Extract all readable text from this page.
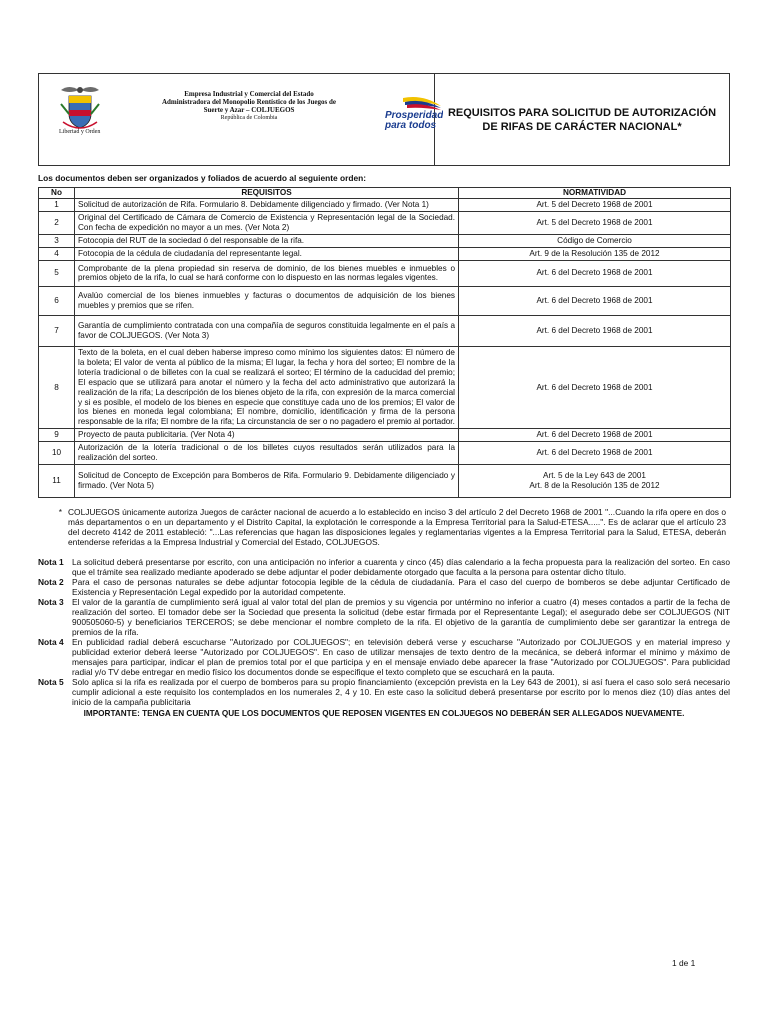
Libertad y Orden
Empresa Industrial y Comercial del Estado
Administradora del Monopolio Rentístico de los Juegos de
Suerte y Azar – COLJUEGOS
República de Colombia	Prosperidad
para todos
REQUISITOS PARA SOLICITUD DE AUTORIZACIÓN DE RIFAS DE CARÁCTER NACIONAL*
Los documentos deben ser organizados y foliados de acuerdo al seguiente orden:
No	REQUISITOS	NORMATIVIDAD
1	Solicitud de autorización de Rifa. Formulario 8. Debidamente diligenciado y firmado. (Ver Nota 1)	Art. 5 del Decreto 1968 de 2001
2	Original del Certificado de Cámara de Comercio de Existencia y Representación legal de la Sociedad. Con fecha de expedición no mayor a un mes. (Ver Nota 2)	Art. 5 del Decreto 1968 de 2001
3	Fotocopia del RUT de la sociedad ó del responsable de la rifa.	Código de Comercio
4	Fotocopia de la cédula de ciudadanía del representante legal.	Art. 9 de la Resolución 135 de 2012
5	Comprobante de la plena propiedad sin reserva de dominio, de los bienes muebles e inmuebles o premios objeto de la rifa, lo cual se hará conforme con lo dispuesto en las normas legales vigentes.	Art. 6 del Decreto 1968 de 2001
6	Avalúo comercial de los bienes inmuebles y facturas o documentos de adquisición de los bienes muebles y premios que se rifen.	Art. 6 del Decreto 1968 de 2001
7	Garantía de cumplimiento contratada con una compañía de seguros constituida legalmente en el país a favor de COLJUEGOS. (Ver Nota 3)	Art. 6 del Decreto 1968 de 2001
8	Texto de la boleta, en el cual deben haberse impreso como mínimo los siguientes datos: El número de la boleta; El valor de venta al público de la misma; El lugar, la fecha y hora del sorteo; El nombre de la lotería tradicional o de billetes con la cual se realizará el sorteo; El término de la caducidad del premio; El espacio que se utilizará para anotar el número y la fecha del acto administrativo que autorizará la realización de la rifa; La descripción de los bienes objeto de la rifa, con expresión de la marca comercial y si es posible, el modelo de los bienes en especie que constituye cada uno de los premios; El valor de los bienes en moneda legal colombiana; El nombre, domicilio, identificación y firma de la persona responsable de la rifa; El nombre de la rifa; La circunstancia de ser o no pagadero el premio al portador.	Art. 6 del Decreto 1968 de 2001
9	Proyecto de pauta publicitaria. (Ver Nota 4)	Art. 6 del Decreto 1968 de 2001
10	Autorización de la lotería tradicional o de los billetes cuyos resultados serán utilizados para la realización del sorteo.	Art. 6 del Decreto 1968 de 2001
11	Solicitud de Concepto de Excepción para Bomberos de Rifa. Formulario 9. Debidamente diligenciado y firmado. (Ver Nota 5)	Art. 5 de la Ley 643 de 2001
Art. 8 de la Resolución 135 de 2012
* COLJUEGOS únicamente autoriza Juegos de carácter nacional de acuerdo a lo establecido en inciso 3 del artículo 2 del Decreto 1968 de 2001 "...Cuando la rifa opere en dos o más departamentos o en un departamento y el Distrito Capital, la explotación le corresponde a la Empresa Territorial para la Salud-ETESA.....". Es de aclarar que el artículo 23 del decreto 4142 de 2011 estableció: "...Las referencias que hagan las disposiciones legales y reglamentarias vigentes a la Empresa Territorial para la Salud, ETESA, deberán entenderse referidas a la Empresa Industrial y Comercial del Estado, COLJUEGOS.
Nota 1 La solicitud deberá presentarse por escrito, con una anticipación no inferior a cuarenta y cinco (45) días calendario a la fecha propuesta para la realización del sorteo. En caso que el trámite sea realizado mediante apoderado se debe adjuntar el poder debidamente otorgado que faculta a la persona para ostentar dicho título.
Nota 2 Para el caso de personas naturales se debe adjuntar fotocopia legible de la cédula de ciudadanía. Para el caso del cuerpo de bomberos se debe adjuntar Certificado de Existencia y Representación Legal expedido por la autoridad competente.
Nota 3 El valor de la garantía de cumplimiento será igual al valor total del plan de premios y su vigencia por untérmino no inferior a cuatro (4) meses contados a partir de la fecha de realización del sorteo. El tomador debe ser la Sociedad que presenta la solicitud (debe estar firmada por el Representante Legal); el asegurado debe ser COLJUEGOS (NIT 900505060-5) y beneficiarios TERCEROS; se debe mencionar el nombre completo de la rifa. El objetivo de la garantía de cumplimiento debe ser garantizar la entrega de premios de la rifa.
Nota 4 En publicidad radial deberá escucharse "Autorizado por COLJUEGOS"; en televisión deberá verse y escucharse "Autorizado por COLJUEGOS y en material impreso y publicidad exterior deberá leerse "Autorizado por COLJUEGOS". En caso de utilizar mensajes de texto dentro de la mecánica, se deberá informar el mínimo y máximo de mensajes para participar, indicar el plan de premios total por el que participa y en el mensaje enviado debe aparecer la frase "Autorizado por COLJUEGOS". Para publicidad radial y/o TV debe entregar en medio físico los documentos donde se especifique el texto completo que se escuchará en la pauta.
Nota 5 Solo aplica si la rifa es realizada por el cuerpo de bomberos para su propio financiamiento (excepción prevista en la Ley 643 de 2001), si así fuera el caso solo será necesario cumplir adicional a este requisito los contemplados en los numerales 2, 4 y 10. En este caso la solicitud deberá presentarse por escrito por lo menos diez (10) días antes del inicio de la campaña publicitaria
IMPORTANTE: TENGA EN CUENTA QUE LOS DOCUMENTOS QUE REPOSEN VIGENTES EN COLJUEGOS NO DEBERÁN SER ALLEGADOS NUEVAMENTE.
1 de 1
